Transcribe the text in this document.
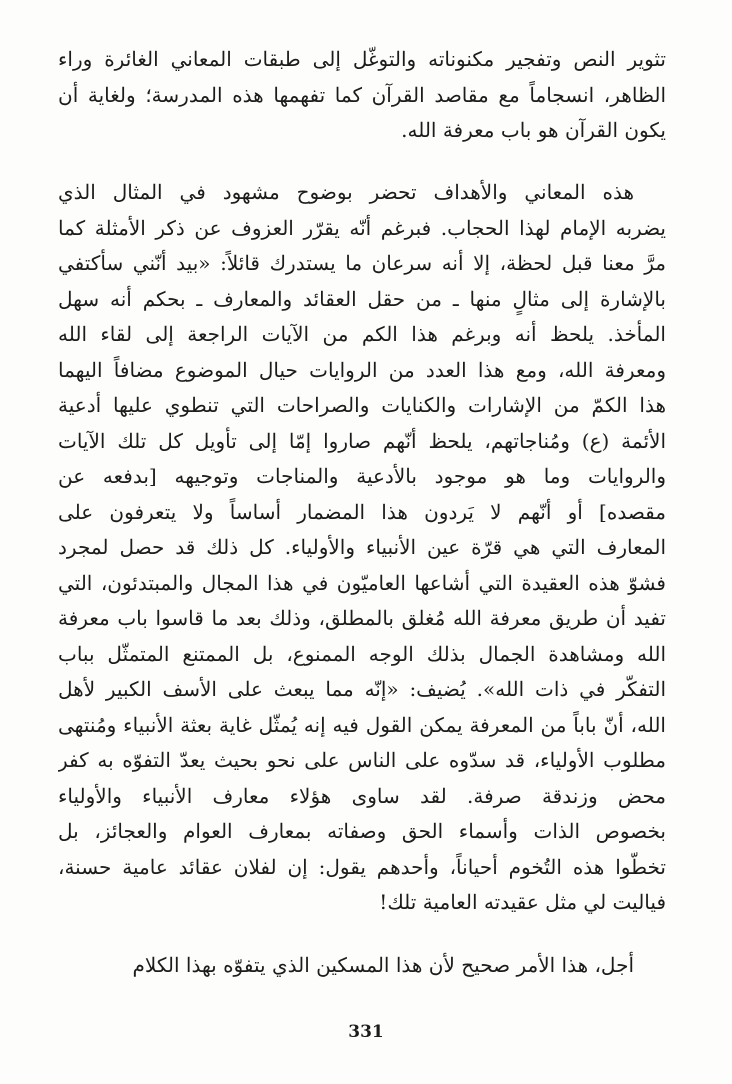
تثوير النص وتفجير مكنوناته والتوغّل إلى طبقات المعاني الغائرة وراء
الظاهر، انسجاماً مع مقاصد القرآن كما تفهمها هذه المدرسة؛ ولغاية أن
يكون القرآن هو باب معرفة الله.
هذه المعاني والأهداف تحضر بوضوح مشهود في المثال الذي
يضربه الإمام لهذا الحجاب. فبرغم أنّه يقرّر العزوف عن ذكر الأمثلة كما
مرَّ معنا قبل لحظة، إلا أنه سرعان ما يستدرك قائلاً: «بيد أنّني سأكتفي
بالإشارة إلى مثالٍ منها ـ من حقل العقائد والمعارف ـ بحكم أنه سهل
المأخذ. يلحظ أنه وبرغم هذا الكم من الآيات الراجعة إلى لقاء الله
ومعرفة الله، ومع هذا العدد من الروايات حيال الموضوع مضافاً اليهما
هذا الكمّ من الإشارات والكنايات والصراحات التي تنطوي عليها أدعية
الأئمة (ع) ومُناجاتهم، يلحظ أنّهم صاروا إمّا إلى تأويل كل تلك الآيات
والروايات وما هو موجود بالأدعية والمناجات وتوجيهه [بدفعه عن
مقصده] أو أنّهم لا يَردون هذا المضمار أساساً ولا يتعرفون على
المعارف التي هي قرّة عين الأنبياء والأولياء. كل ذلك قد حصل لمجرد
فشوّ هذه العقيدة التي أشاعها العاميّون في هذا المجال والمبتدئون، التي
تفيد أن طريق معرفة الله مُغلق بالمطلق، وذلك بعد ما قاسوا باب معرفة
الله ومشاهدة الجمال بذلك الوجه الممنوع، بل الممتنع المتمثّل بباب
التفكّر في ذات الله». يُضيف: «إنّه مما يبعث على الأسف الكبير لأهل
الله، أنّ باباً من المعرفة يمكن القول فيه إنه يُمثّل غاية بعثة الأنبياء ومُنتهى
مطلوب الأولياء، قد سدّوه على الناس على نحو بحيث يعدّ التفوّه به كفر
محض وزندقة صرفة. لقد ساوى هؤلاء معارف الأنبياء والأولياء
بخصوص الذات وأسماء الحق وصفاته بمعارف العوام والعجائز، بل
تخطّوا هذه التُخوم أحياناً، وأحدهم يقول: إن لفلان عقائد عامية حسنة،
فياليت لي مثل عقيدته العامية تلك!
أجل، هذا الأمر صحيح لأن هذا المسكين الذي يتفوّه بهذا الكلام
331
